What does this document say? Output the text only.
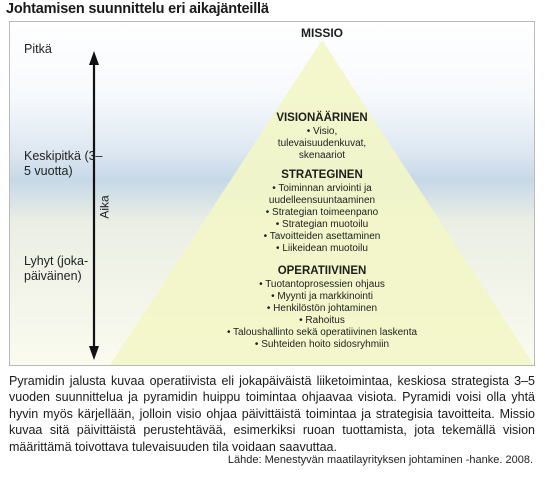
Johtamisen suunnittelu eri aikajänteillä
Pitkä
Keskipitkä (3–5 vuotta)
Lyhyt (joka-päiväinen)
Aika
MISSIO
VISIONÄÄRINEN
• Visio,
tulevaisuudenkuvat,
skenaariot
STRATEGINEN
• Toiminnan arviointi ja
uudelleensuuntaaminen
• Strategian toimeenpano
• Strategian muotoilu
• Tavoitteiden asettaminen
• Liikeidean muotoilu
OPERATIIVINEN
• Tuotantoprosessien ohjaus
• Myynti ja markkinointi
• Henkilöstön johtaminen
• Rahoitus
• Taloushallinto sekä operatiivinen laskenta
• Suhteiden hoito sidosryhmiin
Pyramidin jalusta kuvaa operatiivista eli jokapäiväistä liiketoimintaa, keskiosa strategista 3–5 vuoden suunnittelua ja pyramidin huippu toimintaa ohjaavaa visiota. Pyramidi voisi olla yhtä hyvin myös kärjellään, jolloin visio ohjaa päivittäistä toimintaa ja strategisia tavoitteita. Missio kuvaa sitä päivittäistä perustehtävää, esimerkiksi ruoan tuottamista, jota tekemällä vision määrittämä toivottava tulevaisuuden tila voidaan saavuttaa.
Lähde: Menestyvän maatilayrityksen johtaminen -hanke. 2008.
